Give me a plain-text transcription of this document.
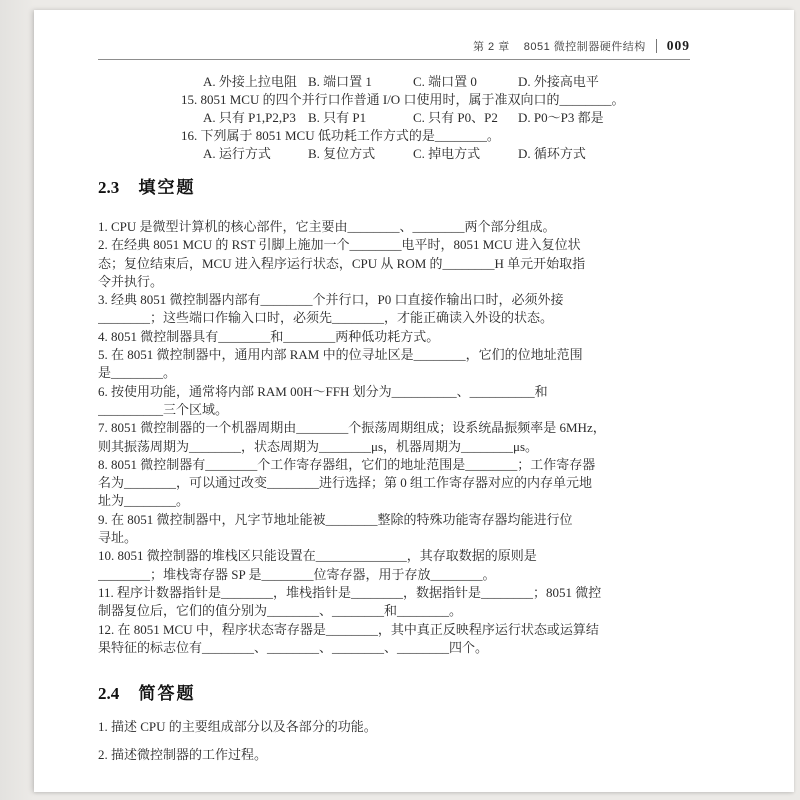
第 2 章 8051 微控制器硬件结构 009
A. 外接上拉电阻 B. 端口置 1	C. 端口置 0	D. 外接高电平
15. 8051 MCU 的四个并行口作普通 I/O 口使用时，属于准双向口的________。
A. 只有 P1,P2,P3 B. 只有 P1	C. 只有 P0、P2	D. P0～P3 都是
16. 下列属于 8051 MCU 低功耗工作方式的是________。
A. 运行方式	B. 复位方式	C. 掉电方式	D. 循环方式
2.3 填空题
1. CPU 是微型计算机的核心部件，它主要由________、________两个部分组成。
2. 在经典 8051 MCU 的 RST 引脚上施加一个________电平时，8051 MCU 进入复位状
态；复位结束后，MCU 进入程序运行状态，CPU 从 ROM 的________H 单元开始取指
令并执行。
3. 经典 8051 微控制器内部有________个并行口，P0 口直接作输出口时，必须外接
________；这些端口作输入口时，必须先________，才能正确读入外设的状态。
4. 8051 微控制器具有________和________两种低功耗方式。
5. 在 8051 微控制器中，通用内部 RAM 中的位寻址区是________，它们的位地址范围
是________。
6. 按使用功能，通常将内部 RAM 00H～FFH 划分为__________、__________和
__________三个区域。
7. 8051 微控制器的一个机器周期由________个振荡周期组成；设系统晶振频率是 6MHz，
则其振荡周期为________，状态周期为________μs，机器周期为________μs。
8. 8051 微控制器有________个工作寄存器组，它们的地址范围是________；工作寄存器
名为________，可以通过改变________进行选择；第 0 组工作寄存器对应的内存单元地
址为________。
9. 在 8051 微控制器中，凡字节地址能被________整除的特殊功能寄存器均能进行位
寻址。
10. 8051 微控制器的堆栈区只能设置在______________，其存取数据的原则是
________；堆栈寄存器 SP 是________位寄存器，用于存放________。
11. 程序计数器指针是________，堆栈指针是________，数据指针是________；8051 微控
制器复位后，它们的值分别为________、________和________。
12. 在 8051 MCU 中，程序状态寄存器是________，其中真正反映程序运行状态或运算结
果特征的标志位有________、________、________、________四个。
2.4 简答题
1. 描述 CPU 的主要组成部分以及各部分的功能。
2. 描述微控制器的工作过程。
